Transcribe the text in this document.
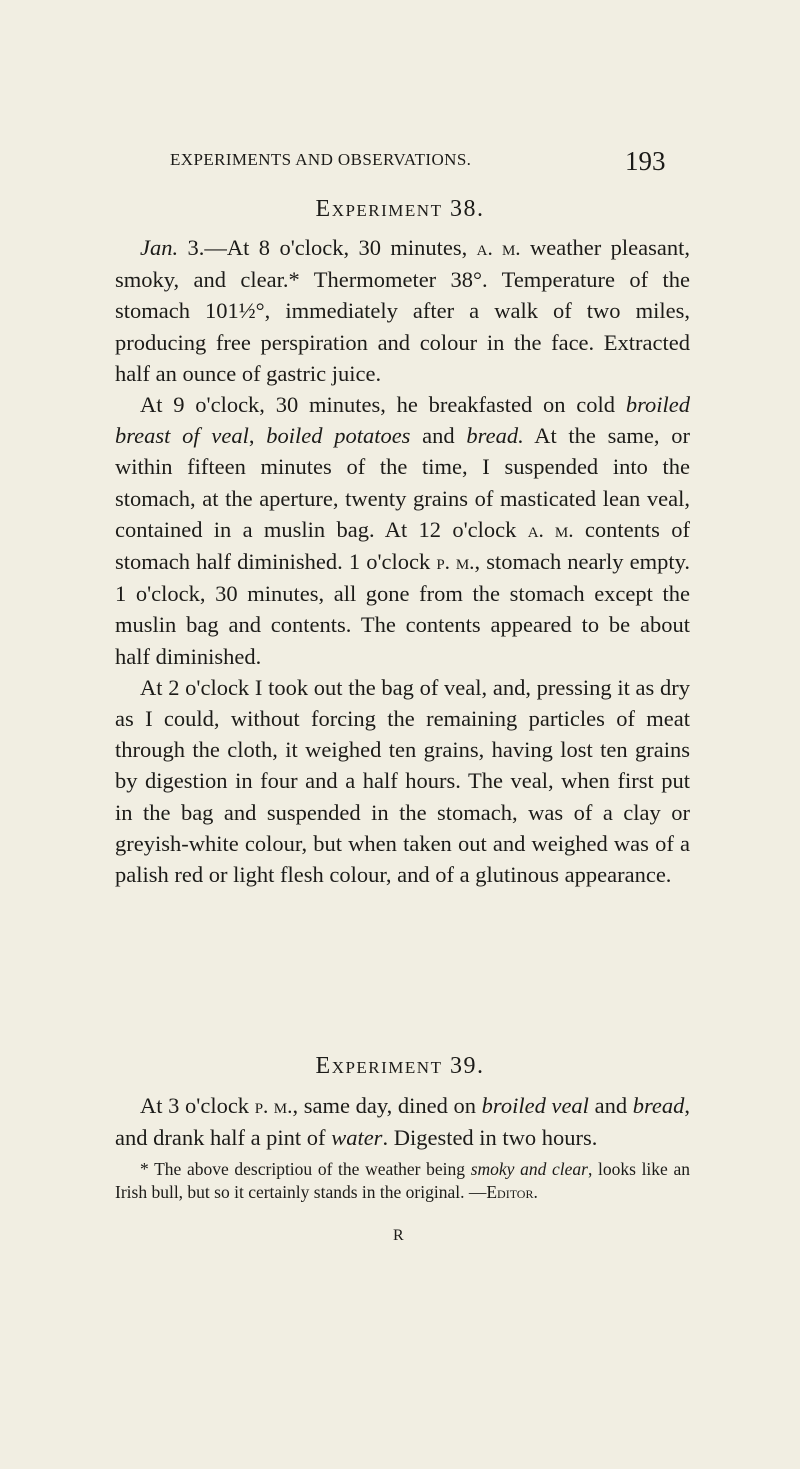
EXPERIMENTS AND OBSERVATIONS.	193
Experiment 38.

Jan. 3.—At 8 o'clock, 30 minutes, a. m. weather pleasant, smoky, and clear.* Thermometer 38°. Temperature of the stomach 101½°, immediately after a walk of two miles, producing free perspiration and colour in the face. Extracted half an ounce of gastric juice.

At 9 o'clock, 30 minutes, he breakfasted on cold broiled breast of veal, boiled potatoes and bread. At the same, or within fifteen minutes of the time, I suspended into the stomach, at the aperture, twenty grains of masticated lean veal, contained in a muslin bag. At 12 o'clock a. m. contents of stomach half diminished. 1 o'clock p. m., stomach nearly empty. 1 o'clock, 30 minutes, all gone from the stomach except the muslin bag and contents. The contents appeared to be about half diminished.

At 2 o'clock I took out the bag of veal, and, pressing it as dry as I could, without forcing the remaining particles of meat through the cloth, it weighed ten grains, having lost ten grains by digestion in four and a half hours. The veal, when first put in the bag and suspended in the stomach, was of a clay or greyish-white colour, but when taken out and weighed was of a palish red or light flesh colour, and of a glutinous appearance.

Experiment 39.

At 3 o'clock p. m., same day, dined on broiled veal and bread, and drank half a pint of water. Digested in two hours.

* The above descriptiou of the weather being smoky and clear, looks like an Irish bull, but so it certainly stands in the original. —Editor.

R
